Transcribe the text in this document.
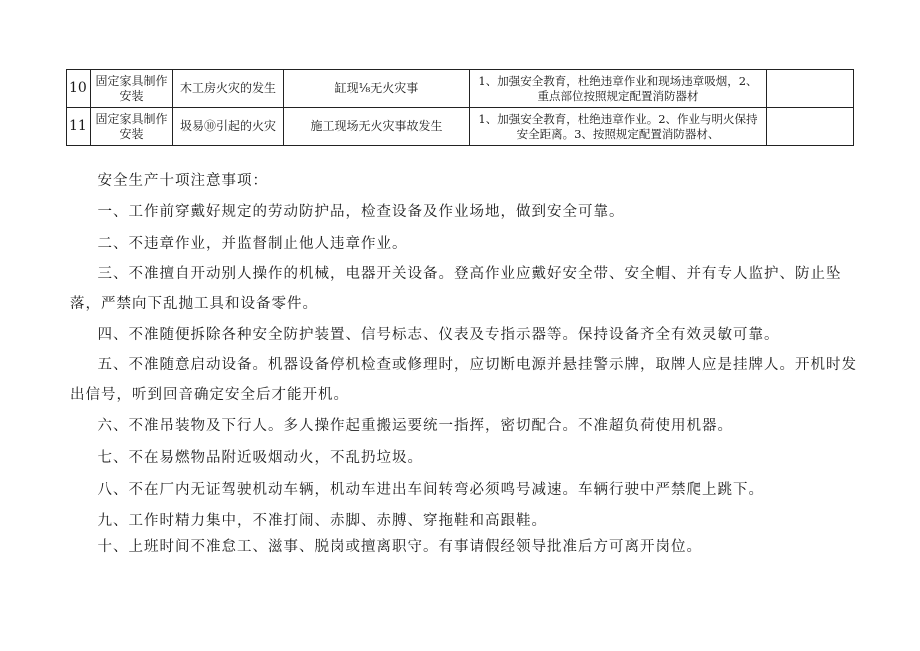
10	固定家具制作安装	木工房火灾的发生	缸现⅛无火灾事	1、加强安全教育，杜绝违章作业和现场违章吸烟，2、重点部位按照规定配置消防器材	
11	固定家具制作安装	圾易⑩引起的火灾	施工现场无火灾事故发生	1、加强安全教育，杜绝违章作业。2、作业与明火保持安全距离。3、按照规定配置消防器材、	

安全生产十项注意事项：

一、工作前穿戴好规定的劳动防护品，检查设备及作业场地，做到安全可靠。

二、不违章作业，并监督制止他人违章作业。

三、不准擅自开动别人操作的机械，电器开关设备。登高作业应戴好安全带、安全帽、并有专人监护、防止坠落，严禁向下乱抛工具和设备零件。

四、不准随便拆除各种安全防护装置、信号标志、仪表及专指示器等。保持设备齐全有效灵敏可靠。

五、不准随意启动设备。机器设备停机检查或修理时，应切断电源并悬挂警示牌，取牌人应是挂牌人。开机时发出信号，听到回音确定安全后才能开机。

六、不准吊装物及下行人。多人操作起重搬运要统一指挥，密切配合。不准超负荷使用机器。

七、不在易燃物品附近吸烟动火，不乱扔垃圾。

八、不在厂内无证驾驶机动车辆，机动车进出车间转弯必须鸣号减速。车辆行驶中严禁爬上跳下。

九、工作时精力集中，不准打闹、赤脚、赤膊、穿拖鞋和高跟鞋。

十、上班时间不准怠工、滋事、脱岗或擅离职守。有事请假经领导批准后方可离开岗位。
